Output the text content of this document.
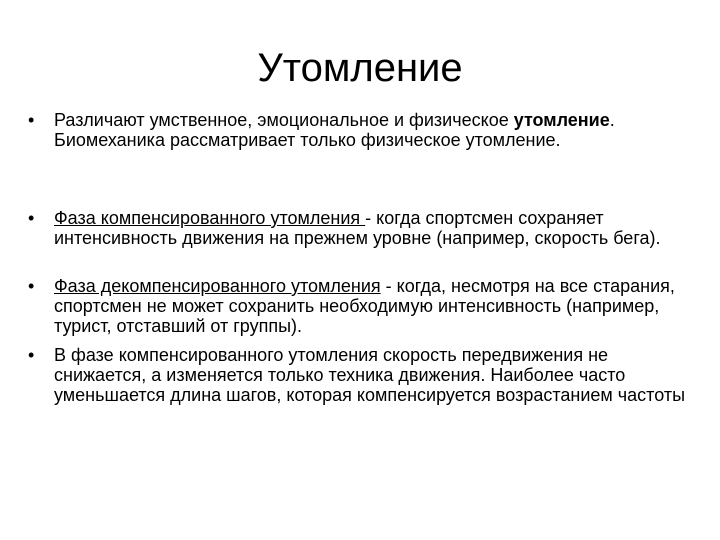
Утомление
•	Различают умственное, эмоциональное и физическое утомление. Биомеханика рассматривает только физическое утомление.
•	Фаза компенсированного утомления - когда спортсмен сохраняет интенсивность движения на прежнем уровне (например, скорость бега).
•	Фаза декомпенсированного утомления - когда, несмотря на все старания, спортсмен не может сохранить необходимую интенсивность (например, турист, отставший от группы).
•	В фазе компенсированного утомления скорость передвижения не снижается, а изменяется только техника движения. Наиболее часто уменьшается длина шагов, которая компенсируется возрастанием частоты
